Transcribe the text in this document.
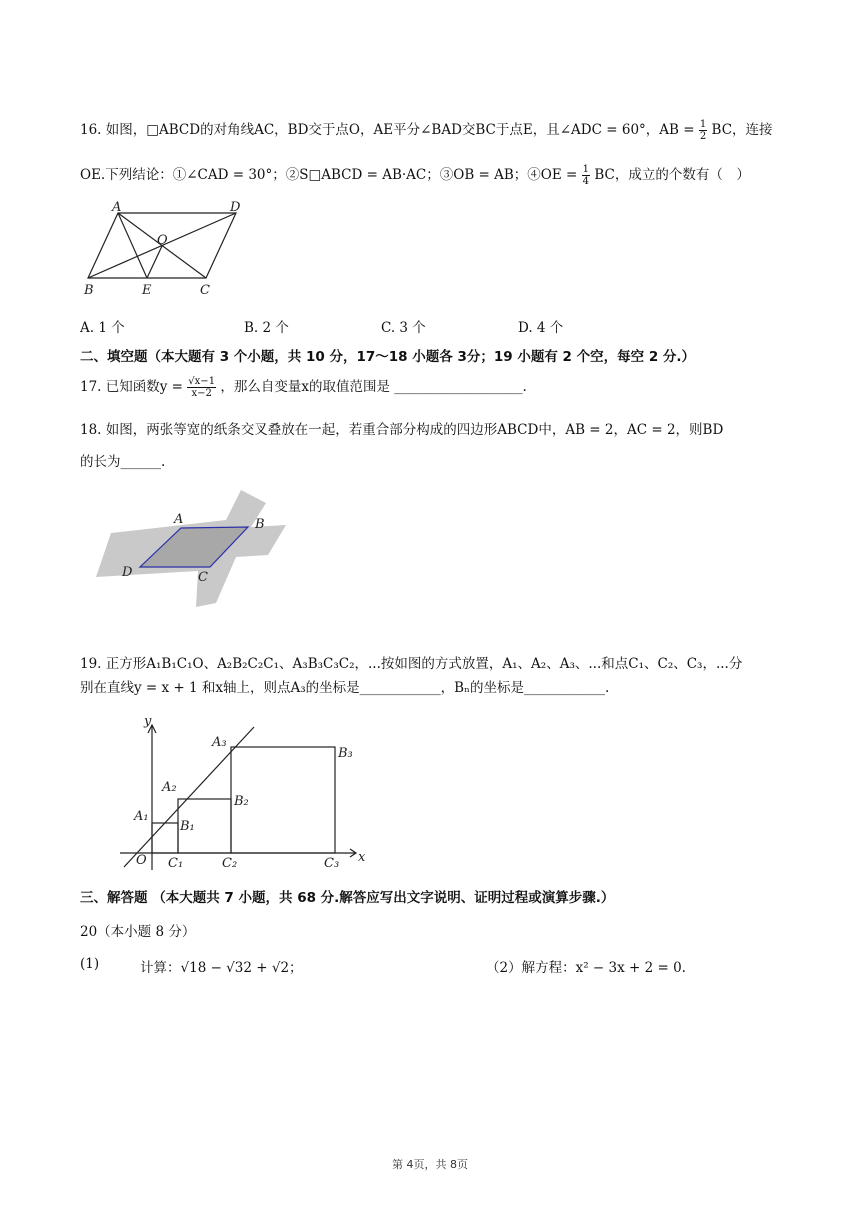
16. 如图，□ABCD的对角线AC，BD交于点O，AE平分∠BAD交BC于点E，且∠ADC = 60°，AB = $\frac{1}{2}$ BC，连接
OE.下列结论：①∠CAD = 30°；②S□ABCD = AB·AC；③OB = AB；④OE = $\frac{1}{4}$ BC，成立的个数有（　）
A	D
O
B	E	C
A. 1 个	B. 2 个	C. 3 个	D. 4 个
二、填空题（本大题有 3 个小题，共 10 分，17～18 小题各 3分；19 小题有 2 个空，每空 2 分.）
17. 已知函数$y = \frac{√x-1}{x-2}$ ，那么自变量x的取值范围是 ___________________.
18. 如图，两张等宽的纸条交叉叠放在一起，若重合部分构成的四边形ABCD中，AB = 2，AC = 2，则BD
的长为______.
A	B
C
D
19. 正方形A₁B₁C₁O、A₂B₂C₂C₁、A₃B₃C₃C₂，...按如图的方式放置，A₁、A₂、A₃、...和点C₁、C₂、C₃，...分
别在直线y = x + 1 和x轴上，则点A₃的坐标是____________，Bₙ的坐标是____________.
y
x
O
A₁
A₂
A₃
B₁
B₂
B₃
C₁	C₂	C₃
三、解答题 （本大题共 7 小题，共 68 分.解答应写出文字说明、证明过程或演算步骤.）
20（本小题 8 分）
(1)	计算：√18 − √32 + √2；	（2）解方程：x² − 3x + 2 = 0.
第 4页，共 8页
